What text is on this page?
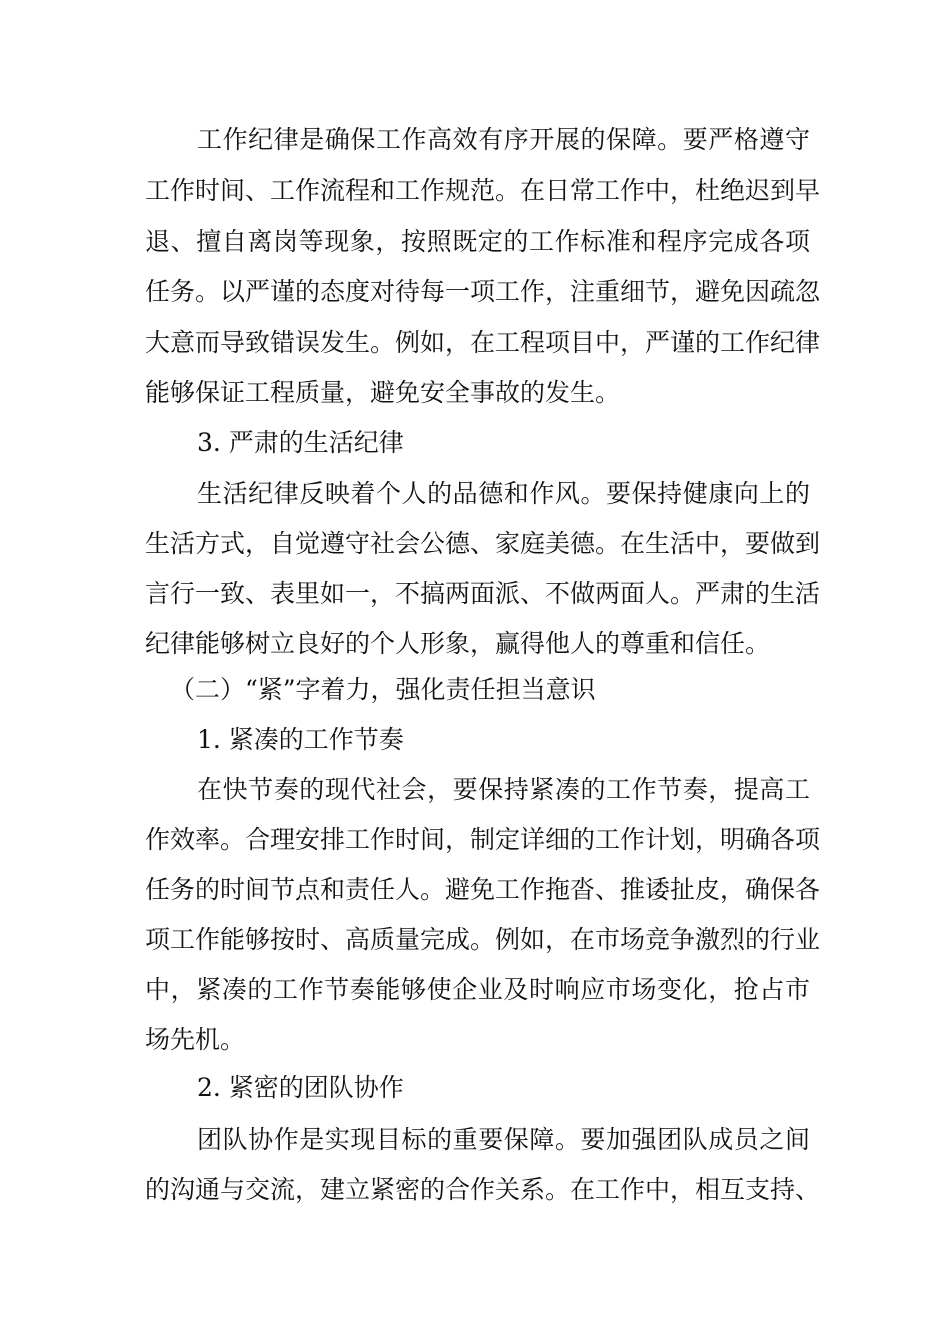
工作纪律是确保工作高效有序开展的保障。要严格遵守
工作时间、工作流程和工作规范。在日常工作中，杜绝迟到早
退、擅自离岗等现象，按照既定的工作标准和程序完成各项
任务。以严谨的态度对待每一项工作，注重细节，避免因疏忽
大意而导致错误发生。例如，在工程项目中，严谨的工作纪律
能够保证工程质量，避免安全事故的发生。
3. 严肃的生活纪律
生活纪律反映着个人的品德和作风。要保持健康向上的
生活方式，自觉遵守社会公德、家庭美德。在生活中，要做到
言行一致、表里如一，不搞两面派、不做两面人。严肃的生活
纪律能够树立良好的个人形象，赢得他人的尊重和信任。
（二）“紧”字着力，强化责任担当意识
1. 紧凑的工作节奏
在快节奏的现代社会，要保持紧凑的工作节奏，提高工
作效率。合理安排工作时间，制定详细的工作计划，明确各项
任务的时间节点和责任人。避免工作拖沓、推诿扯皮，确保各
项工作能够按时、高质量完成。例如，在市场竞争激烈的行业
中，紧凑的工作节奏能够使企业及时响应市场变化，抢占市
场先机。
2. 紧密的团队协作
团队协作是实现目标的重要保障。要加强团队成员之间
的沟通与交流，建立紧密的合作关系。在工作中，相互支持、
